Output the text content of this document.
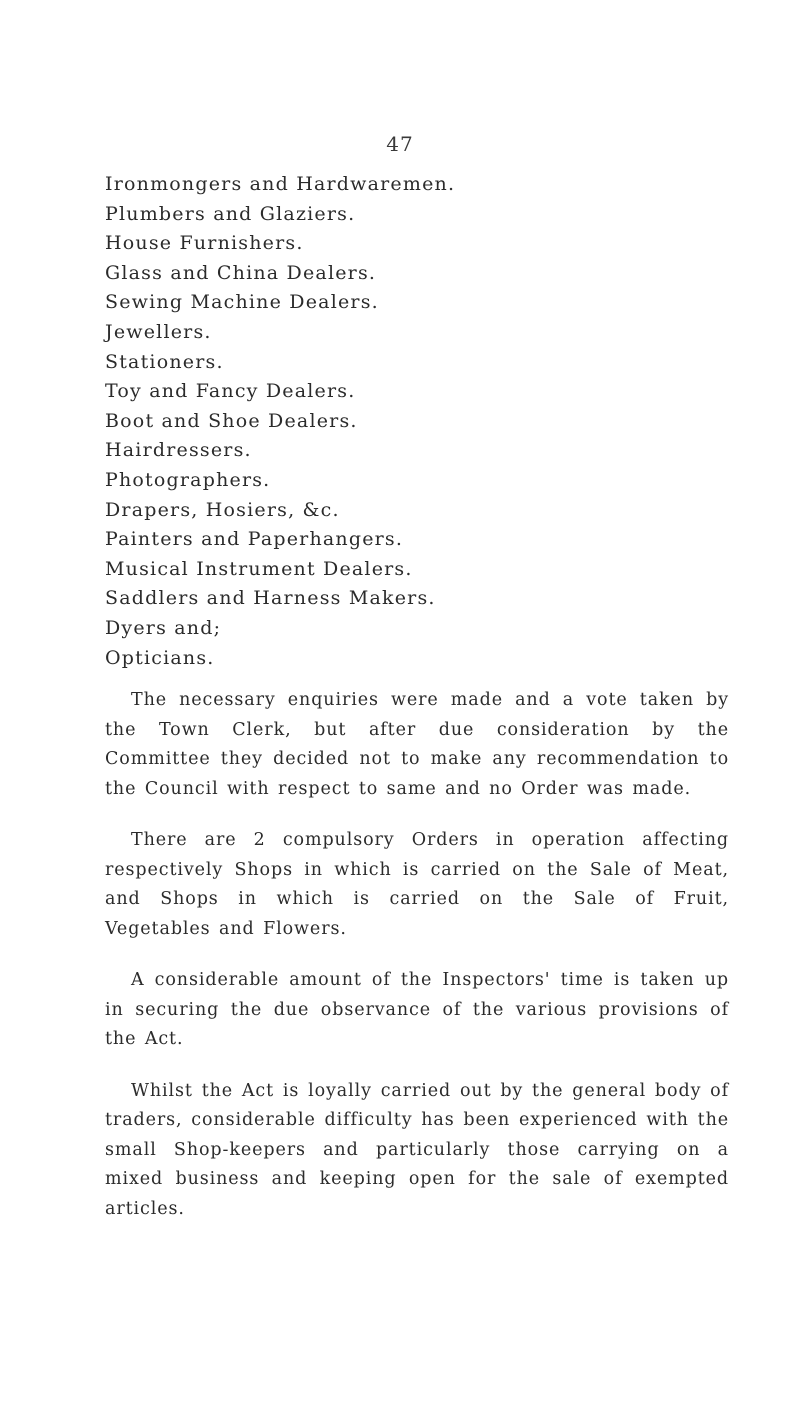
47
Ironmongers and Hardwaremen.
Plumbers and Glaziers.
House Furnishers.
Glass and China Dealers.
Sewing Machine Dealers.
Jewellers.
Stationers.
Toy and Fancy Dealers.
Boot and Shoe Dealers.
Hairdressers.
Photographers.
Drapers, Hosiers, &c.
Painters and Paperhangers.
Musical Instrument Dealers.
Saddlers and Harness Makers.
Dyers and;
Opticians.

The necessary enquiries were made and a vote taken by the Town Clerk, but after due consideration by the Committee they decided not to make any recommendation to the Council with respect to same and no Order was made.

There are 2 compulsory Orders in operation affecting respectively Shops in which is carried on the Sale of Meat, and Shops in which is carried on the Sale of Fruit, Vegetables and Flowers.

A considerable amount of the Inspectors' time is taken up in securing the due observance of the various provisions of the Act.

Whilst the Act is loyally carried out by the general body of traders, considerable difficulty has been experienced with the small Shop-keepers and particularly those carrying on a mixed business and keeping open for the sale of exempted articles.
